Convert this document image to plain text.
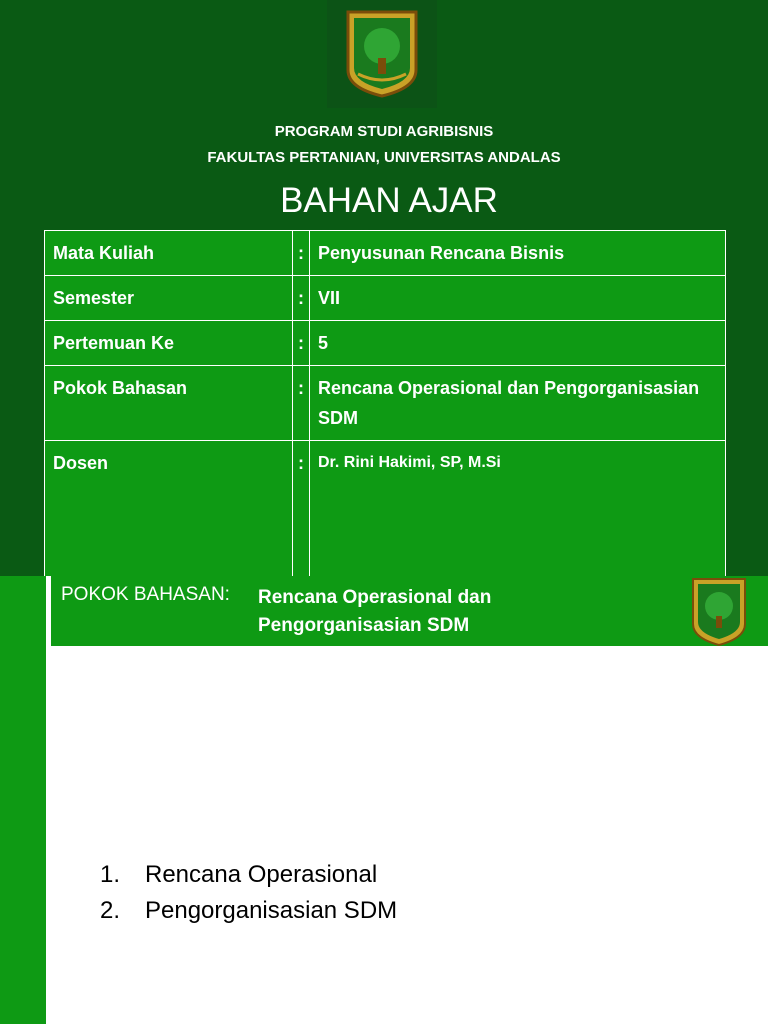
PROGRAM STUDI AGRIBISNIS
FAKULTAS PERTANIAN, UNIVERSITAS ANDALAS
BAHAN AJAR
Mata Kuliah	:	Penyusunan Rencana Bisnis
Semester	:	VII
Pertemuan Ke	:	5
Pokok Bahasan	:	Rencana Operasional dan Pengorganisasian SDM
Dosen	:	Dr. Rini Hakimi, SP, M.Si
NIS UNAND-BAHAN AJAR
POKOK BAHASAN: Rencana Operasional dan Pengorganisasian SDM
1. Rencana Operasional
2. Pengorganisasian SDM
